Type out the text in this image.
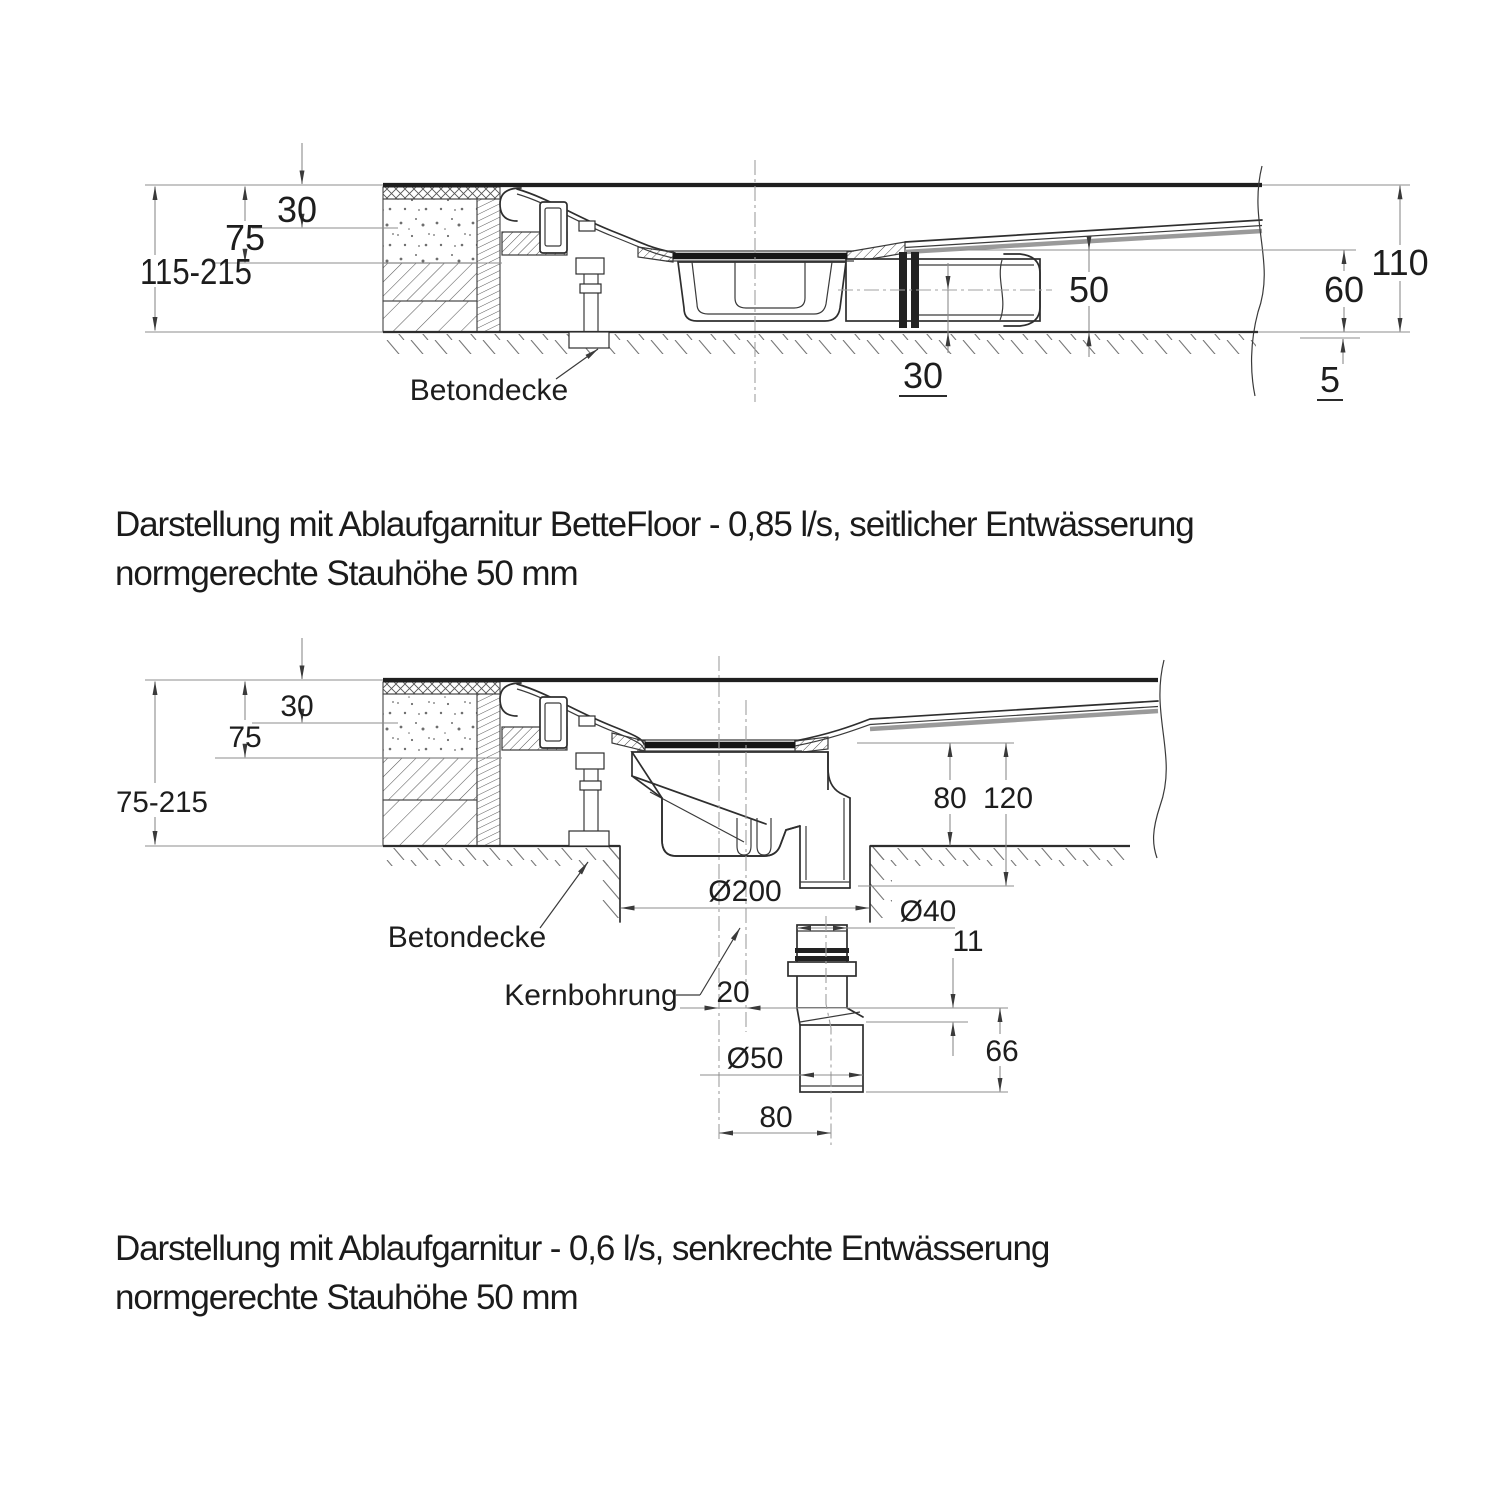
30
75
115-215	50	60
110
30	5
Betondecke
30
75
75-215	80 120
Ø200
Ø40
11
20
Ø50	66
80
Betondecke
Kernbohrung
Darstellung mit Ablaufgarnitur BetteFloor - 0,85 l/s, seitlicher Entwässerung
normgerechte Stauhöhe 50 mm
Darstellung mit Ablaufgarnitur - 0,6 l/s, senkrechte Entwässerung
normgerechte Stauhöhe 50 mm
